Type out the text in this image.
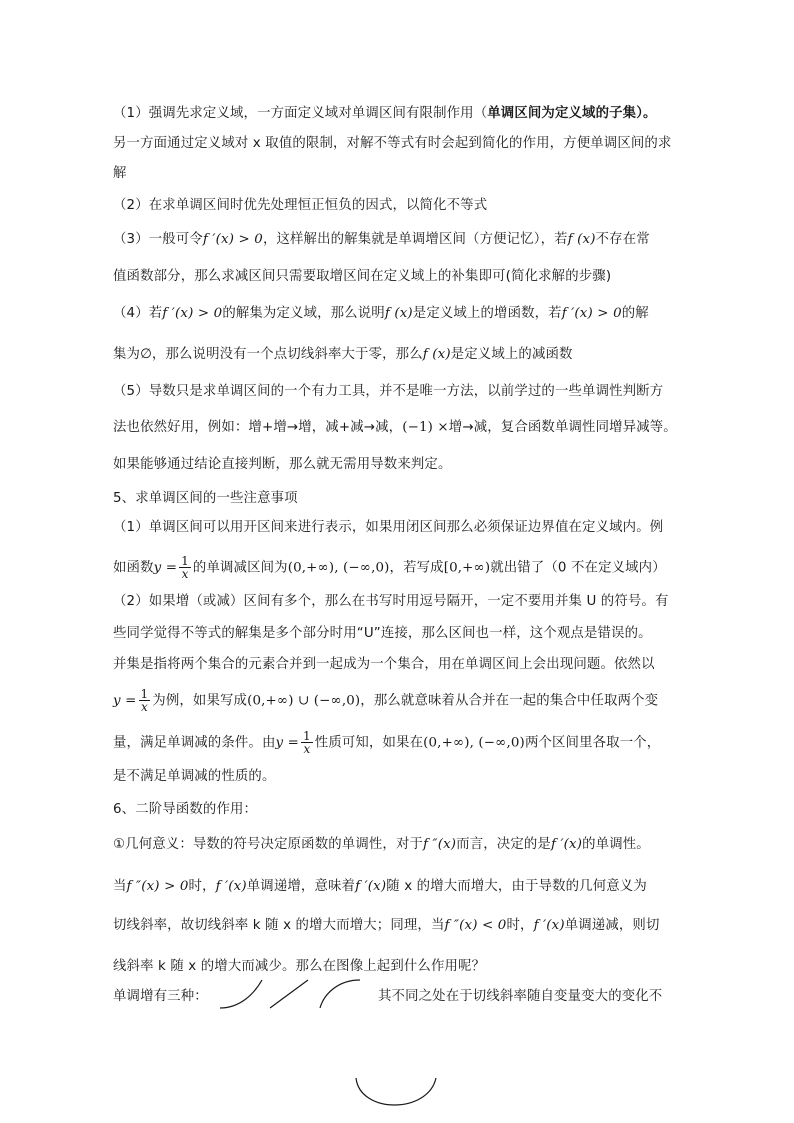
（1）强调先求定义域，一方面定义域对单调区间有限制作用（单调区间为定义域的子集）。
另一方面通过定义域对 x 取值的限制，对解不等式有时会起到简化的作用，方便单调区间的求
解
（2）在求单调区间时优先处理恒正恒负的因式，以简化不等式
（3）一般可令f ′(x) > 0，这样解出的解集就是单调增区间（方便记忆），若f (x)不存在常
值函数部分，那么求减区间只需要取增区间在定义域上的补集即可(简化求解的步骤)
（4）若f ′(x) > 0的解集为定义域，那么说明f (x)是定义域上的增函数，若f ′(x) > 0的解
集为∅，那么说明没有一个点切线斜率大于零，那么f (x)是定义域上的减函数
（5）导数只是求单调区间的一个有力工具，并不是唯一方法，以前学过的一些单调性判断方
法也依然好用，例如：增+增→增，减+减→减，(−1) ×增→减，复合函数单调性同增异减等。
如果能够通过结论直接判断，那么就无需用导数来判定。
5、求单调区间的一些注意事项
（1）单调区间可以用开区间来进行表示，如果用闭区间那么必须保证边界值在定义域内。例
如函数$y = \frac{1}{x}$ 的单调减区间为(0,+∞), (−∞,0)，若写成[0,+∞)就出错了（0 不在定义域内）
（2）如果增（或减）区间有多个，那么在书写时用逗号隔开，一定不要用并集 U 的符号。有
些同学觉得不等式的解集是多个部分时用“U”连接，那么区间也一样，这个观点是错误的。
并集是指将两个集合的元素合并到一起成为一个集合，用在单调区间上会出现问题。依然以
$y = \frac{1}{x}$ 为例，如果写成(0,+∞) ∪ (−∞,0)，那么就意味着从合并在一起的集合中任取两个变
量，满足单调减的条件。由$y = \frac{1}{x}$ 性质可知，如果在(0,+∞), (−∞,0)两个区间里各取一个，
是不满足单调减的性质的。
6、二阶导函数的作用：
①几何意义：导数的符号决定原函数的单调性，对于f ″(x)而言，决定的是f ′(x)的单调性。
当f ″(x) > 0时，f ′(x)单调递增，意味着f ′(x)随 x 的增大而增大，由于导数的几何意义为
切线斜率，故切线斜率 k 随 x 的增大而增大；同理，当f ″(x) < 0时，f ′(x)单调递减，则切
线斜率 k 随 x 的增大而减少。那么在图像上起到什么作用呢？
单调增有三种：	其不同之处在于切线斜率随自变量变大的变化不
